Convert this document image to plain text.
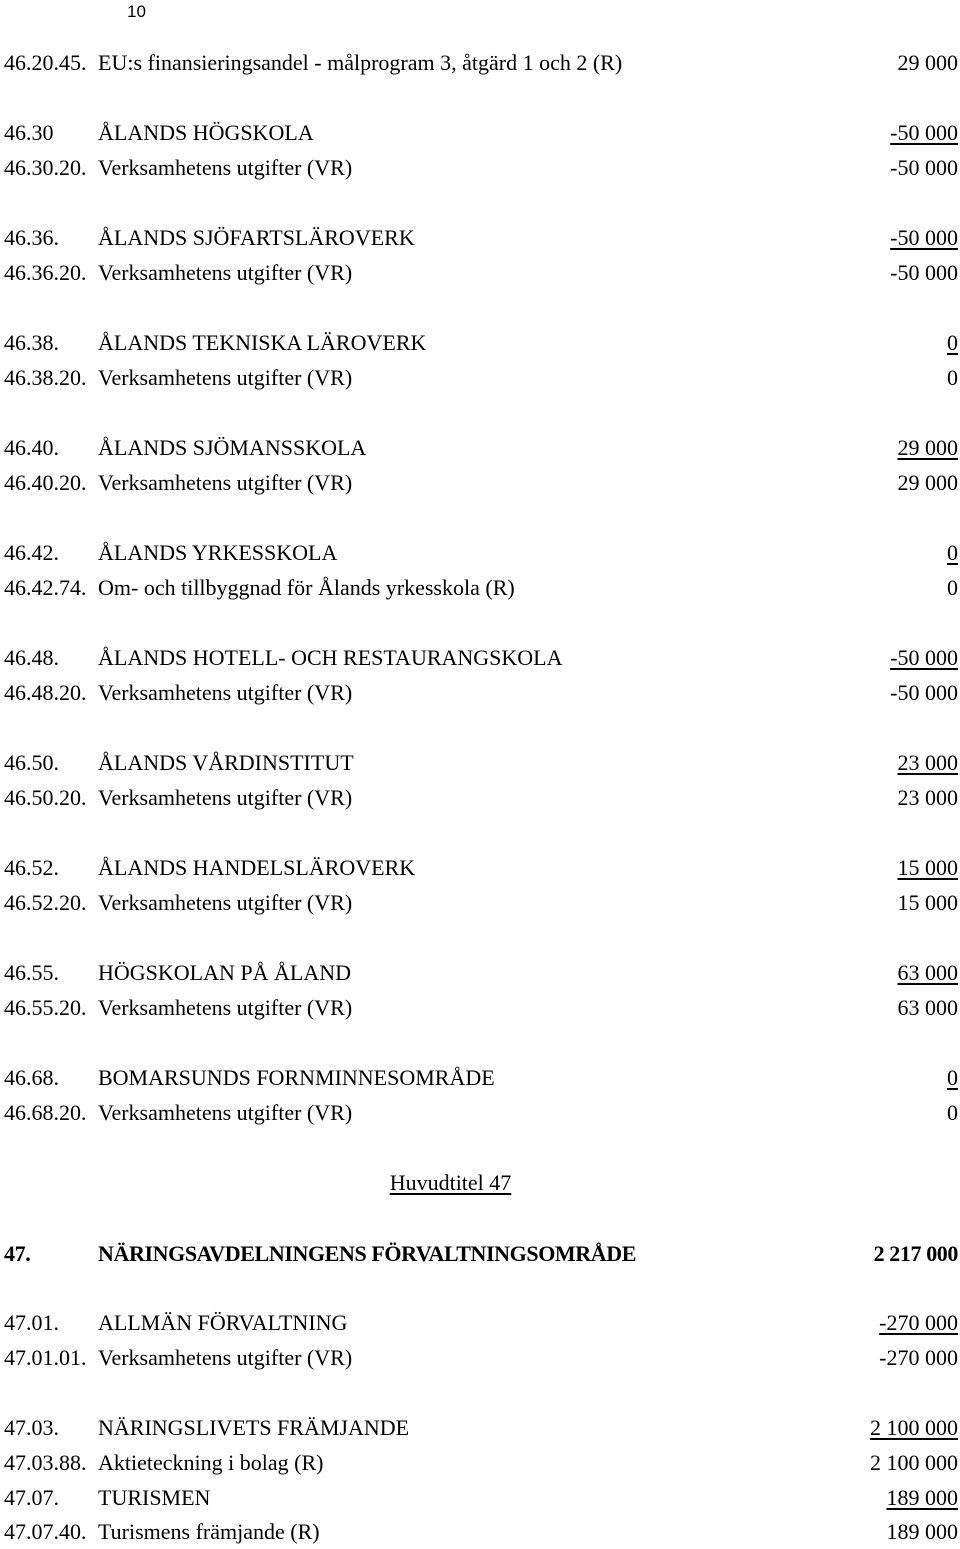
10
46.20.45. EU:s finansieringsandel - målprogram 3, åtgärd 1 och 2 (R)	29 000
46.30 ÅLANDS HÖGSKOLA	-50 000
46.30.20. Verksamhetens utgifter (VR)	-50 000
46.36. ÅLANDS SJÖFARTSLÄROVERK	-50 000
46.36.20. Verksamhetens utgifter (VR)	-50 000
46.38. ÅLANDS TEKNISKA LÄROVERK	0
46.38.20. Verksamhetens utgifter (VR)	0
46.40. ÅLANDS SJÖMANSSKOLA	29 000
46.40.20. Verksamhetens utgifter (VR)	29 000
46.42. ÅLANDS YRKESSKOLA	0
46.42.74. Om- och tillbyggnad för Ålands yrkesskola (R)	0
46.48. ÅLANDS HOTELL- OCH RESTAURANGSKOLA	-50 000
46.48.20. Verksamhetens utgifter (VR)	-50 000
46.50. ÅLANDS VÅRDINSTITUT	23 000
46.50.20. Verksamhetens utgifter (VR)	23 000
46.52. ÅLANDS HANDELSLÄROVERK	15 000
46.52.20. Verksamhetens utgifter (VR)	15 000
46.55. HÖGSKOLAN PÅ ÅLAND	63 000
46.55.20. Verksamhetens utgifter (VR)	63 000
46.68. BOMARSUNDS FORNMINNESOMRÅDE	0
46.68.20. Verksamhetens utgifter (VR)	0
Huvudtitel 47
47.	NÄRINGSAVDELNINGENS FÖRVALTNINGSOMRÅDE	2 217 000
47.01. ALLMÄN FÖRVALTNING	-270 000
47.01.01. Verksamhetens utgifter (VR)	-270 000
47.03. NÄRINGSLIVETS FRÄMJANDE	2 100 000
47.03.88. Aktieteckning i bolag (R)	2 100 000
47.07. TURISMEN	189 000
47.07.40. Turismens främjande (R)	189 000
